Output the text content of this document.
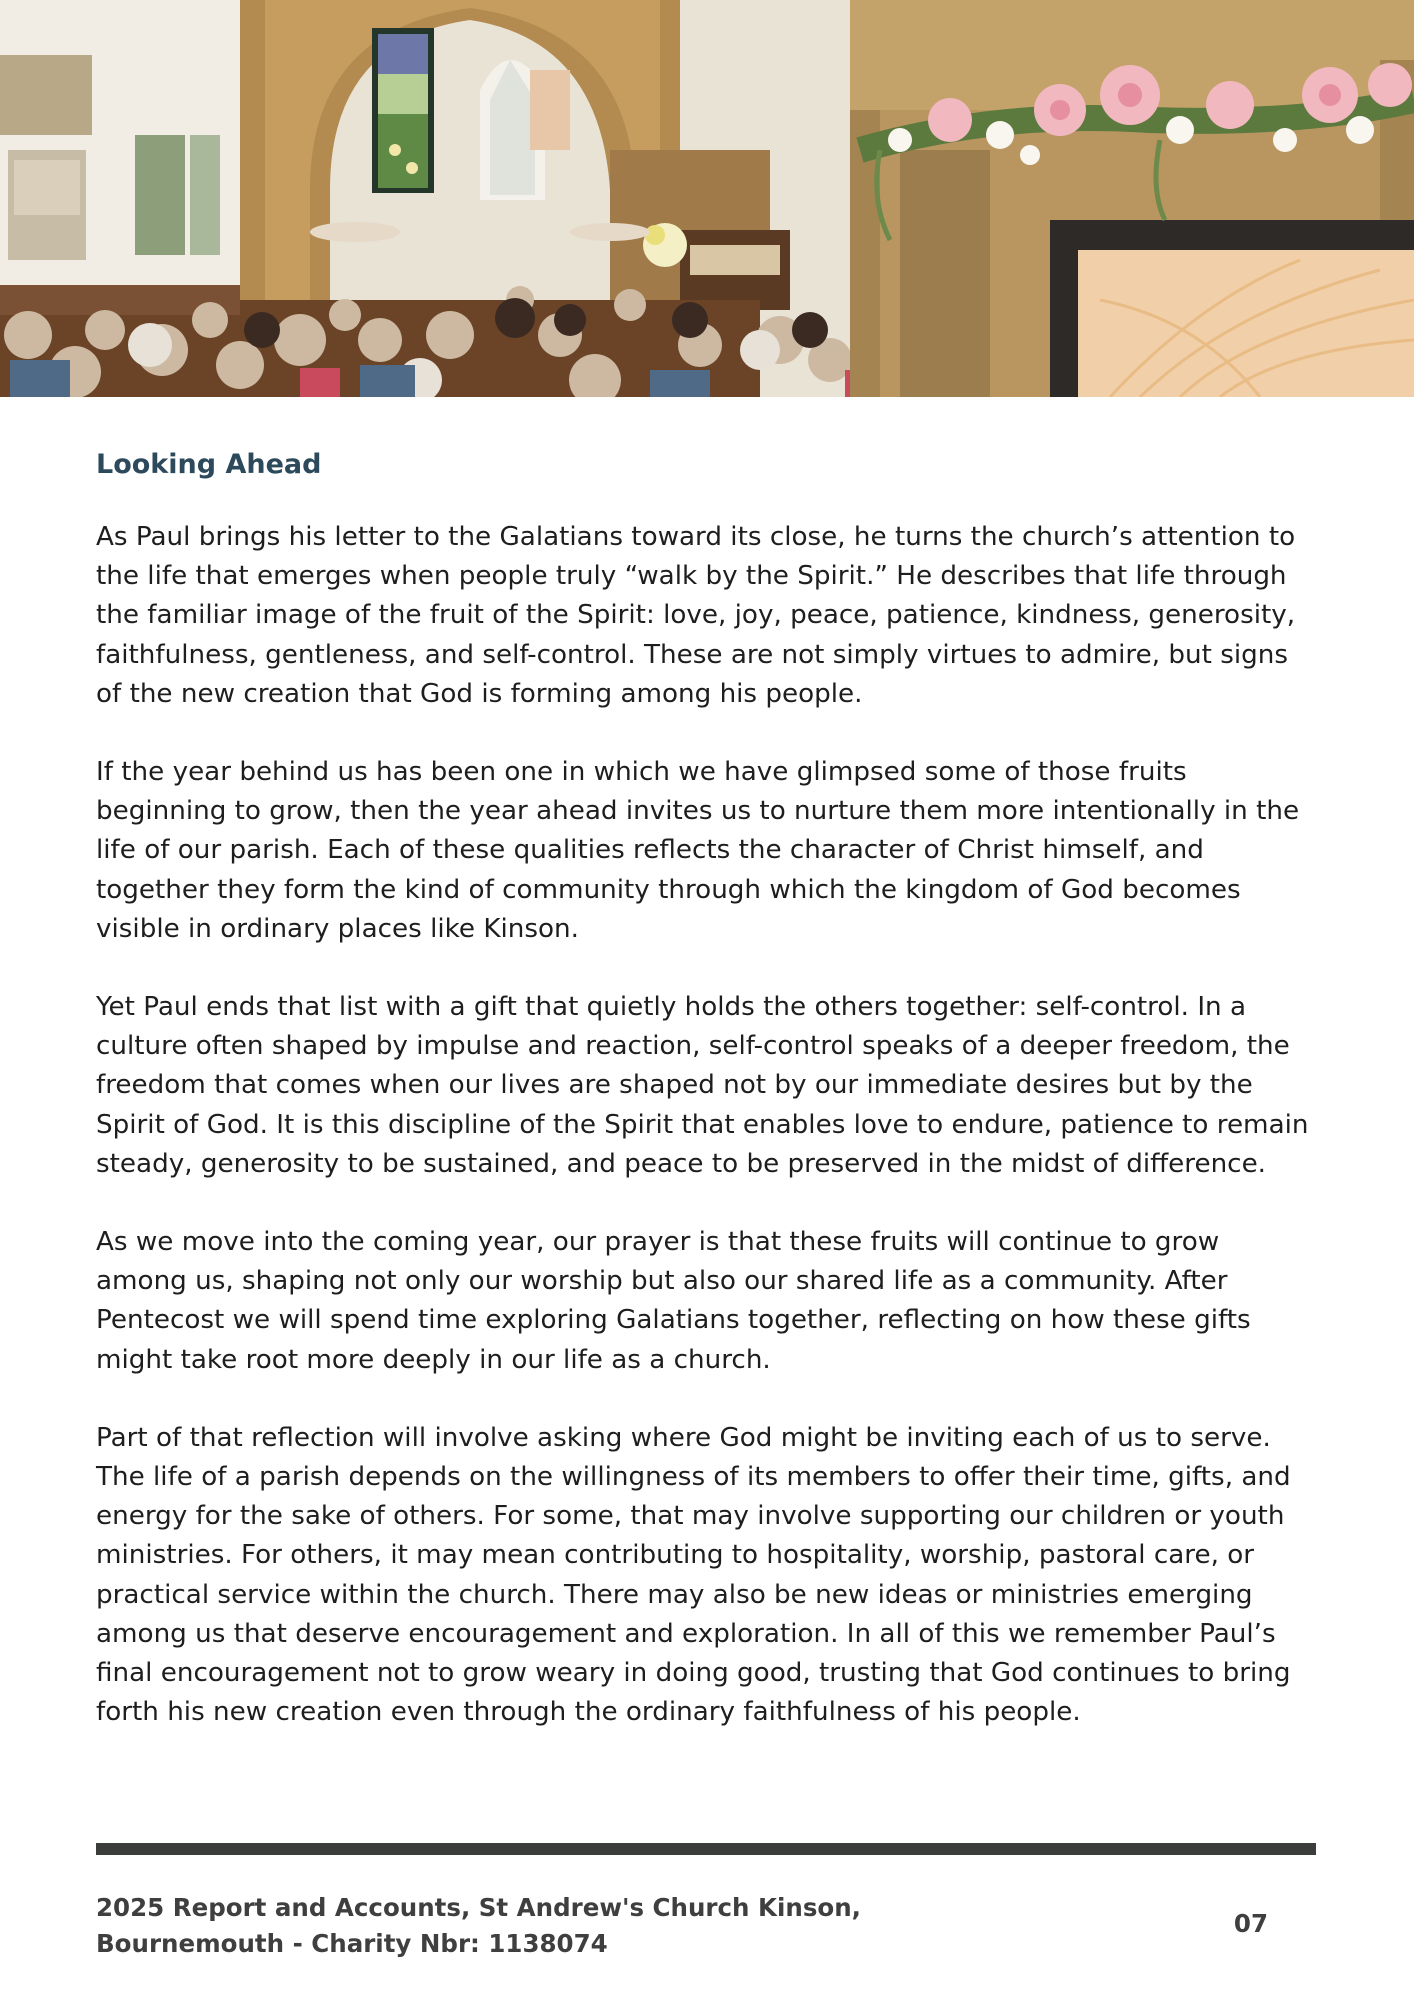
Looking Ahead

As Paul brings his letter to the Galatians toward its close, he turns the church’s attention to the life that emerges when people truly “walk by the Spirit.” He describes that life through the familiar image of the fruit of the Spirit: love, joy, peace, patience, kindness, generosity, faithfulness, gentleness, and self-control. These are not simply virtues to admire, but signs of the new creation that God is forming among his people.

If the year behind us has been one in which we have glimpsed some of those fruits beginning to grow, then the year ahead invites us to nurture them more intentionally in the life of our parish. Each of these qualities reflects the character of Christ himself, and together they form the kind of community through which the kingdom of God becomes visible in ordinary places like Kinson.

Yet Paul ends that list with a gift that quietly holds the others together: self-control. In a culture often shaped by impulse and reaction, self-control speaks of a deeper freedom, the freedom that comes when our lives are shaped not by our immediate desires but by the Spirit of God. It is this discipline of the Spirit that enables love to endure, patience to remain steady, generosity to be sustained, and peace to be preserved in the midst of difference.

As we move into the coming year, our prayer is that these fruits will continue to grow among us, shaping not only our worship but also our shared life as a community. After Pentecost we will spend time exploring Galatians together, reflecting on how these gifts might take root more deeply in our life as a church.

Part of that reflection will involve asking where God might be inviting each of us to serve. The life of a parish depends on the willingness of its members to offer their time, gifts, and energy for the sake of others. For some, that may involve supporting our children or youth ministries. For others, it may mean contributing to hospitality, worship, pastoral care, or practical service within the church. There may also be new ideas or ministries emerging among us that deserve encouragement and exploration. In all of this we remember Paul’s final encouragement not to grow weary in doing good, trusting that God continues to bring forth his new creation even through the ordinary faithfulness of his people.

2025 Report and Accounts, St Andrew's Church Kinson,
Bournemouth - Charity Nbr: 1138074
07
